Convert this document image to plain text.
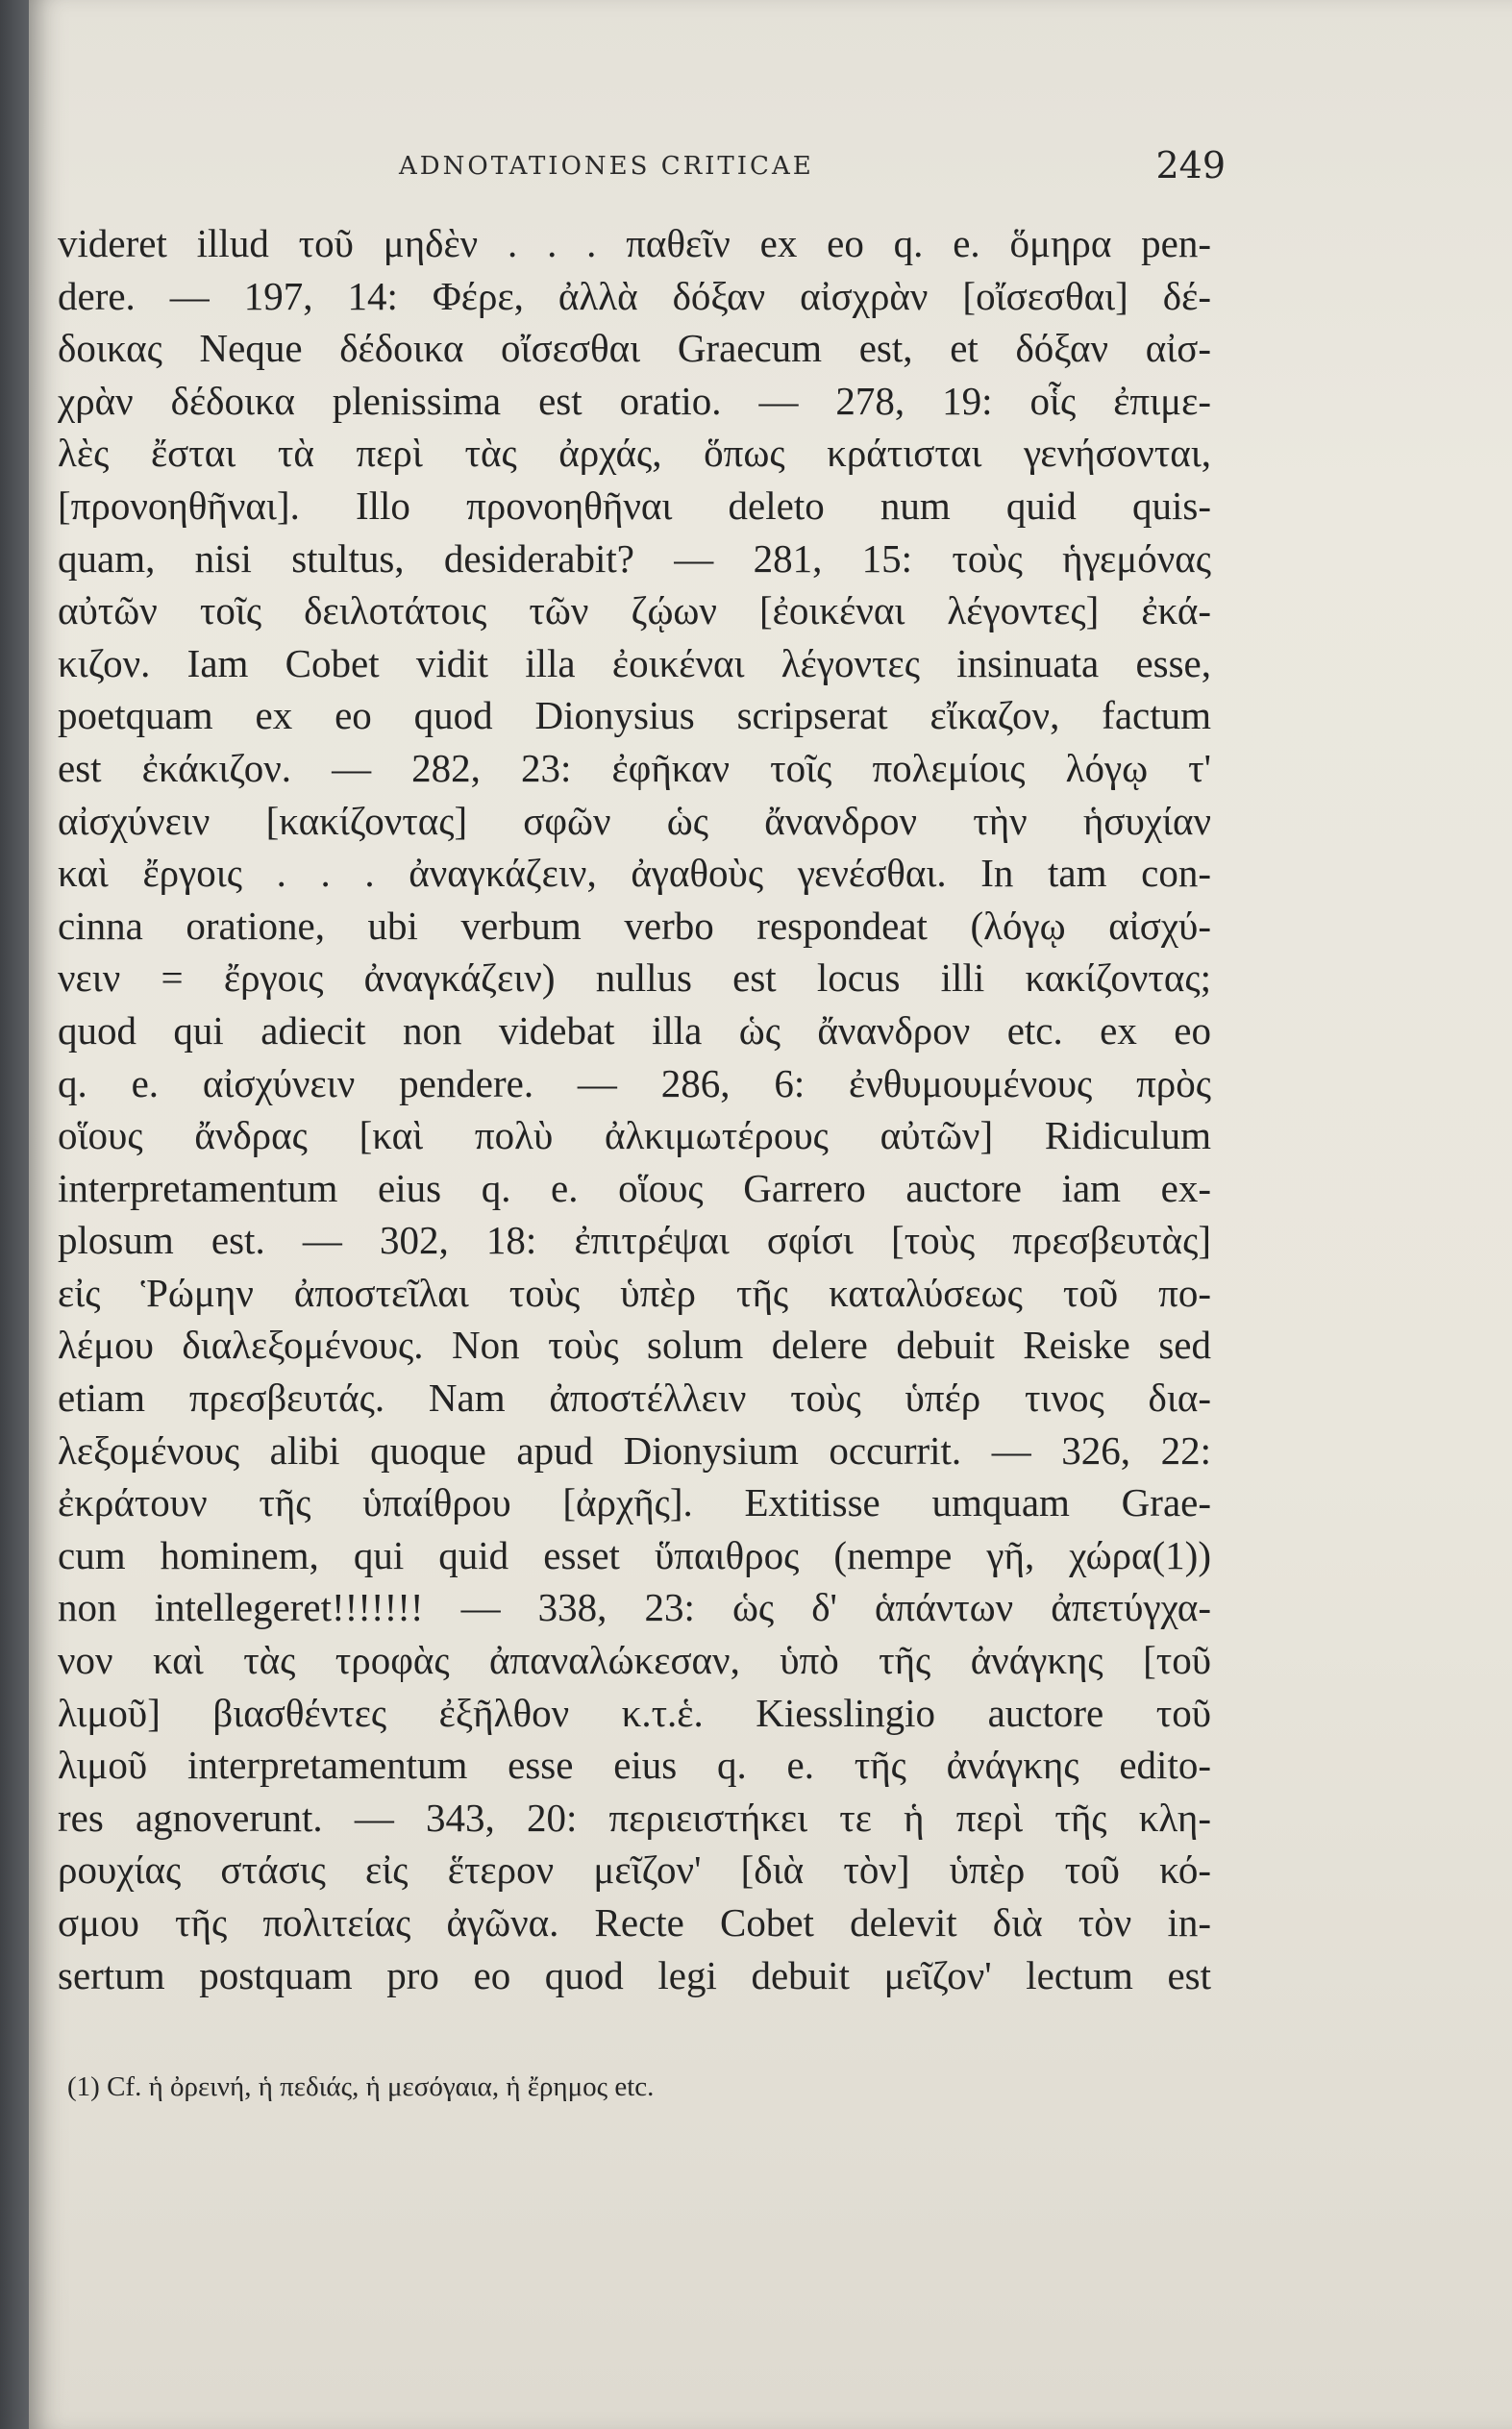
ADNOTATIONES CRITICAE	249
videret illud τοῦ μηδὲν . . . παθεῖν ex eo q. e. ὅμηρα pen-
dere. — 197, 14: Φέρε, ἀλλὰ δόξαν αἰσχρὰν [οἴσεσθαι] δέ-
δοικας Neque δέδοικα οἴσεσθαι Graecum est, et δόξαν αἰσ-
χρὰν δέδοικα plenissima est oratio. — 278, 19: οἷς ἐπιμε-
λὲς ἔσται τὰ περὶ τὰς ἀρχάς, ὅπως κράτισται γενήσονται,
[προνοηθῆναι]. Illo προνοηθῆναι deleto num quid quis-
quam, nisi stultus, desiderabit? — 281, 15: τοὺς ἡγεμόνας
αὐτῶν τοῖς δειλοτάτοις τῶν ζῴων [ἐοικέναι λέγοντες] ἐκά-
κιζον. Iam Cobet vidit illa ἐοικέναι λέγοντες insinuata esse,
poetquam ex eo quod Dionysius scripserat εἴκαζον, factum
est ἐκάκιζον. — 282, 23: ἐφῆκαν τοῖς πολεμίοις λόγῳ τ'
αἰσχύνειν [κακίζοντας] σφῶν ὡς ἄνανδρον τὴν ἡσυχίαν
καὶ ἔργοις . . . ἀναγκάζειν, ἀγαθοὺς γενέσθαι. In tam con-
cinna oratione, ubi verbum verbo respondeat (λόγῳ αἰσχύ-
νειν = ἔργοις ἀναγκάζειν) nullus est locus illi κακίζοντας;
quod qui adiecit non videbat illa ὡς ἄνανδρον etc. ex eo
q. e. αἰσχύνειν pendere. — 286, 6: ἐνθυμουμένους πρὸς
οἵους ἄνδρας [καὶ πολὺ ἀλκιμωτέρους αὐτῶν] Ridiculum
interpretamentum eius q. e. οἵους Garrero auctore iam ex-
plosum est. — 302, 18: ἐπιτρέψαι σφίσι [τοὺς πρεσβευτὰς]
εἰς Ῥώμην ἀποστεῖλαι τοὺς ὑπὲρ τῆς καταλύσεως τοῦ πο-
λέμου διαλεξομένους. Non τοὺς solum delere debuit Reiske sed
etiam πρεσβευτάς. Nam ἀποστέλλειν τοὺς ὑπέρ τινος δια-
λεξομένους alibi quoque apud Dionysium occurrit. — 326, 22:
ἐκράτουν τῆς ὑπαίθρου [ἀρχῆς]. Extitisse umquam Grae-
cum hominem, qui quid esset ὕπαιθρος (nempe γῆ, χώρα(1))
non intellegeret!!!!!!! — 338, 23: ὡς δ' ἁπάντων ἀπετύγχα-
νον καὶ τὰς τροφὰς ἀπαναλώκεσαν, ὑπὸ τῆς ἀνάγκης [τοῦ
λιμοῦ] βιασθέντες ἐξῆλθον κ.τ.ἑ. Kiesslingio auctore τοῦ
λιμοῦ interpretamentum esse eius q. e. τῆς ἀνάγκης edito-
res agnoverunt. — 343, 20: περιειστήκει τε ἡ περὶ τῆς κλη-
ρουχίας στάσις εἰς ἕτερον μεῖζον' [διὰ τὸν] ὑπὲρ τοῦ κό-
σμου τῆς πολιτείας ἀγῶνα. Recte Cobet delevit διὰ τὸν in-
sertum postquam pro eo quod legi debuit μεῖζον' lectum est
(1) Cf. ἡ ὀρεινή, ἡ πεδιάς, ἡ μεσόγαια, ἡ ἔρημος etc.
